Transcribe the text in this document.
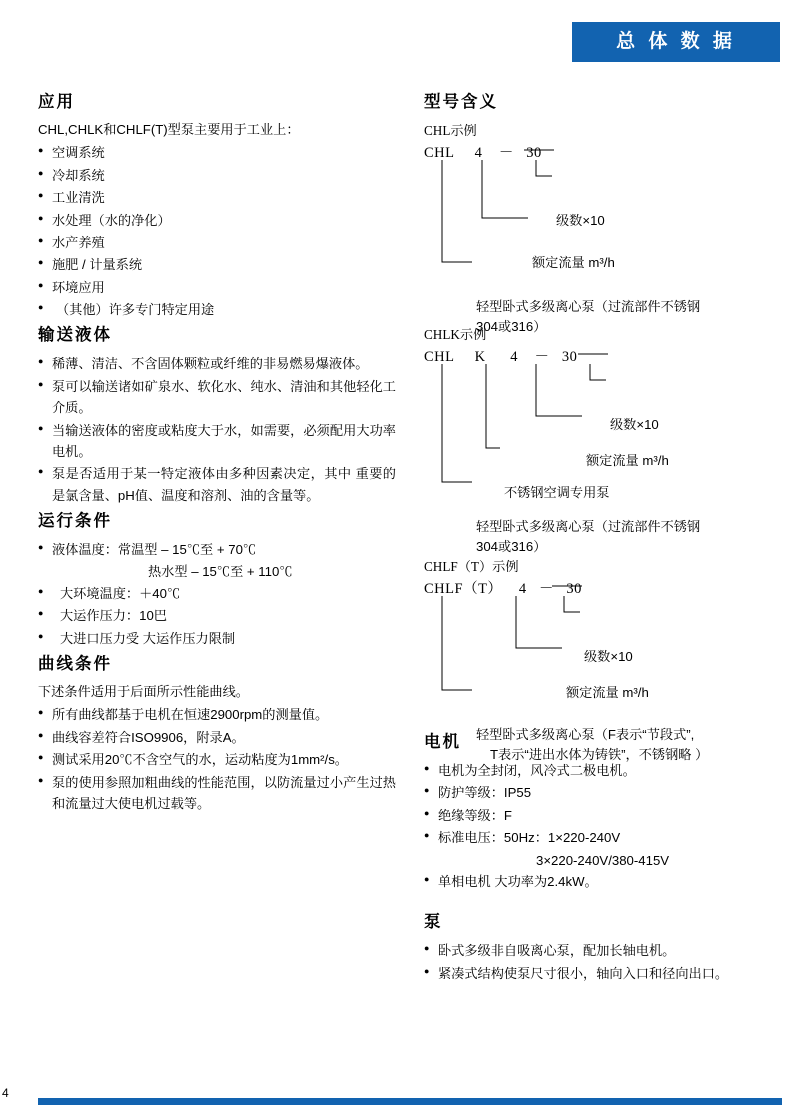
总 体 数 据
应用

CHL,CHLK和CHLF(T)型泵主要用于工业上：

● 空调系统
● 冷却系统
● 工业清洗
● 水处理（水的净化）
● 水产养殖
● 施肥 / 计量系统
● 环境应用
● （其他）许多专门特定用途
输送液体
● 稀薄、清洁、不含固体颗粒或纤维的非易燃易爆液体。
● 泵可以输送诸如矿泉水、软化水、纯水、清油和其他轻化工介质。
● 当输送液体的密度或粘度大于水，如需要，必须配用大功率电机。
● 泵是否适用于某一特定液体由多种因素决定，其中 重要的是氯含量、pH值、温度和溶剂、油的含量等。
运行条件
● 液体温度：常温型 – 15℃至 + 70℃

热水型 – 15℃至 + 110℃

● 大环境温度：＋40℃
● 大运作压力：10巴
● 大进口压力受 大运作压力限制
曲线条件

下述条件适用于后面所示性能曲线。

● 所有曲线都基于电机在恒速2900rpm的测量值。
● 曲线容差符合ISO9906，附录A。
● 测试采用20℃不含空气的水，运动粘度为1mm²/s。
● 泵的使用参照加粗曲线的性能范围，以防流量过小产生过热和流量过大使电机过载等。
型号含义

CHL示例

CHL     4    －   30

级数×10
额定流量 m³/h
轻型卧式多级离心泵（过流部件不锈钢
304或316）

CHLK示例

CHL     K      4    －   30

级数×10
额定流量 m³/h
不锈钢空调专用泵
轻型卧式多级离心泵（过流部件不锈钢
304或316）

CHLF（T）示例

CHLF（T）    4   －   30

级数×10
额定流量 m³/h
轻型卧式多级离心泵（F表示“节段式”,
T表示“进出水体为铸铁”，不锈钢略 ）
电机
● 电机为全封闭，风冷式二极电机。
● 防护等级：IP55
● 绝缘等级：F
● 标准电压：50Hz：1×220-240V

3×220-240V/380-415V

● 单相电机 大功率为2.4kW。
泵
● 卧式多级非自吸离心泵，配加长轴电机。
● 紧凑式结构使泵尺寸很小，轴向入口和径向出口。
4
